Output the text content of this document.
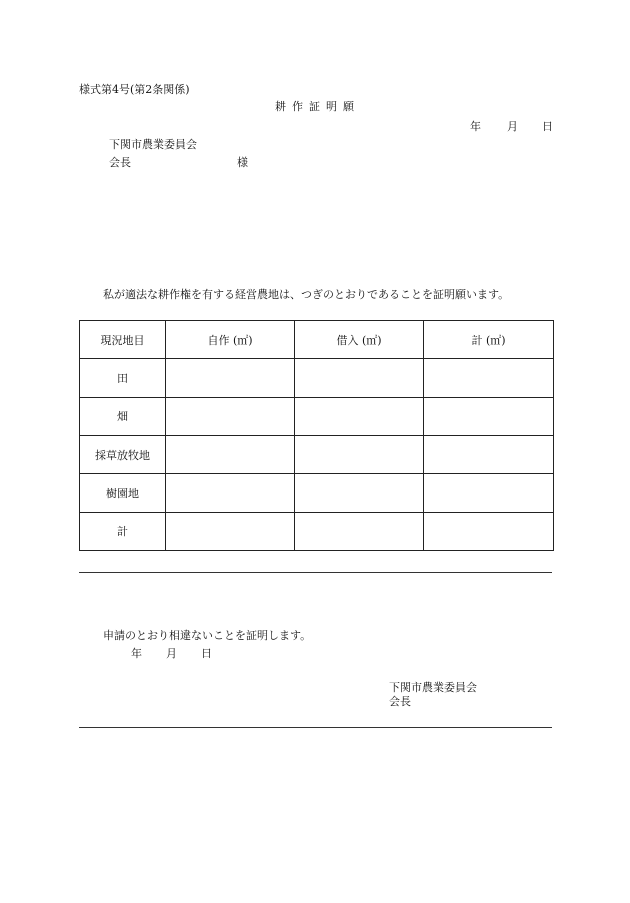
様式第4号(第2条関係)
耕作証明願
年 月 日
下関市農業委員会
会長	様
私が適法な耕作権を有する経営農地は、つぎのとおりであることを証明願います。
現況地目	自作 (㎡)	借入 (㎡)	計 (㎡)
田			
畑			
採草放牧地			
樹園地			
計			
申請のとおり相違ないことを証明します。
年 月 日
下関市農業委員会
会長
